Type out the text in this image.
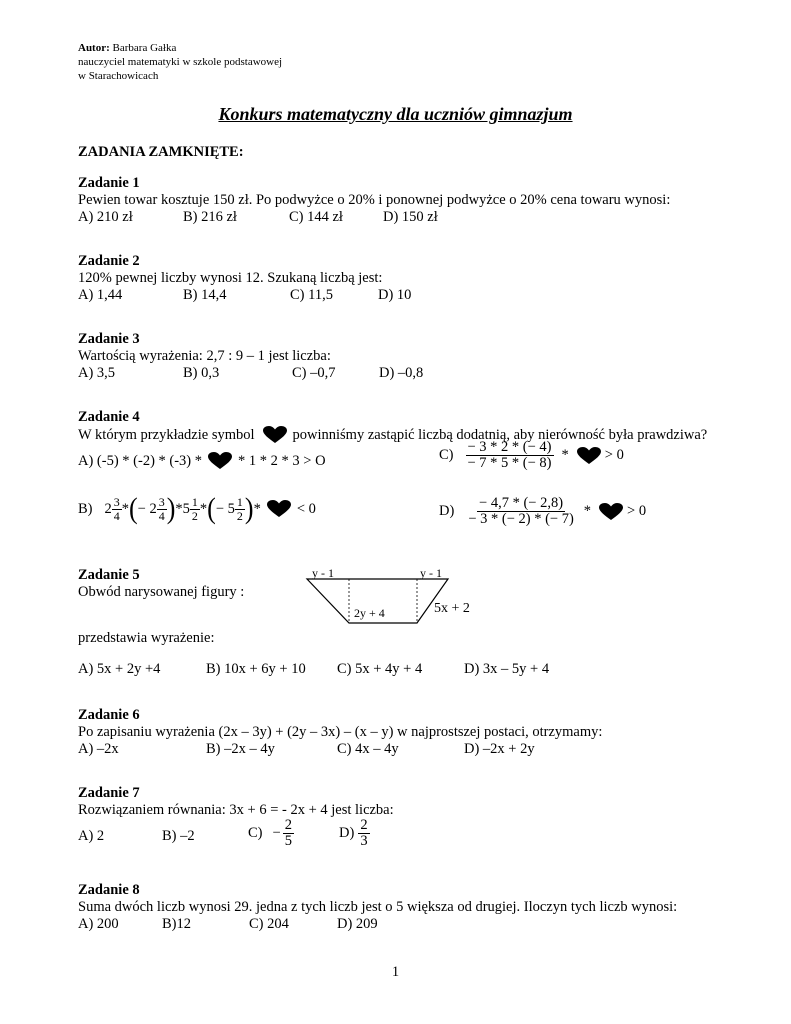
Autor: Barbara Gałka
nauczyciel matematyki w szkole podstawowej
w Starachowicach
Konkurs matematyczny dla uczniów gimnazjum
ZADANIA ZAMKNIĘTE:
Zadanie 1
Pewien towar kosztuje 150 zł. Po podwyżce o 20% i ponownej podwyżce o 20% cena towaru wynosi:
A) 210 zł	B) 216 zł	C) 144 zł	D) 150 zł
Zadanie 2
120% pewnej liczby wynosi 12. Szukaną liczbą jest:
A) 1,44	B) 14,4	C) 11,5	D) 10
Zadanie 3
Wartością wyrażenia: 2,7 : 9 – 1 jest liczba:
A) 3,5	B) 0,3	C) –0,7	D) –0,8
Zadanie 4
W którym przykładzie symbol	powinniśmy zastąpić liczbą dodatnią, aby nierówność była prawdziwa?
A) (-5) * (-2) * (-3) * * 1 * 2 * 3 > O	$C) \frac{- 3 * 2 * (- 4)}{- 7 * 5 * (- 8)}$ * > 0
B) $2 \frac{3}{4}$ * ( − $2 \frac{3}{4}$ ) * $5 \frac{1}{2}$ * ( − $5 \frac{1}{2}$ ) * < 0	$D) \frac{- 4,7 * (- 2,8)}{- 3 * (- 2) * (- 7)}$ * > 0
Zadanie 5
Obwód narysowanej figury :
y - 1	y - 1
2y + 4	5x + 2
przedstawia wyrażenie:
A) 5x + 2y +4	B) 10x + 6y + 10 C) 5x + 4y + 4	D) 3x – 5y + 4
Zadanie 6
Po zapisaniu wyrażenia (2x – 3y) + (2y – 3x) – (x – y) w najprostszej postaci, otrzymamy:
A) –2x	B) –2x – 4y	C) 4x – 4y	D) –2x + 2y
Zadanie 7
Rozwiązaniem równania: 3x + 6 = - 2x + 4 jest liczba:
A) 2	B) –2	$C) - \frac{2}{5}$	$D) \frac{2}{3}$
Zadanie 8
Suma dwóch liczb wynosi 29. jedna z tych liczb jest o 5 większa od drugiej. Iloczyn tych liczb wynosi:
A) 200	B)12	C) 204	D) 209
1
